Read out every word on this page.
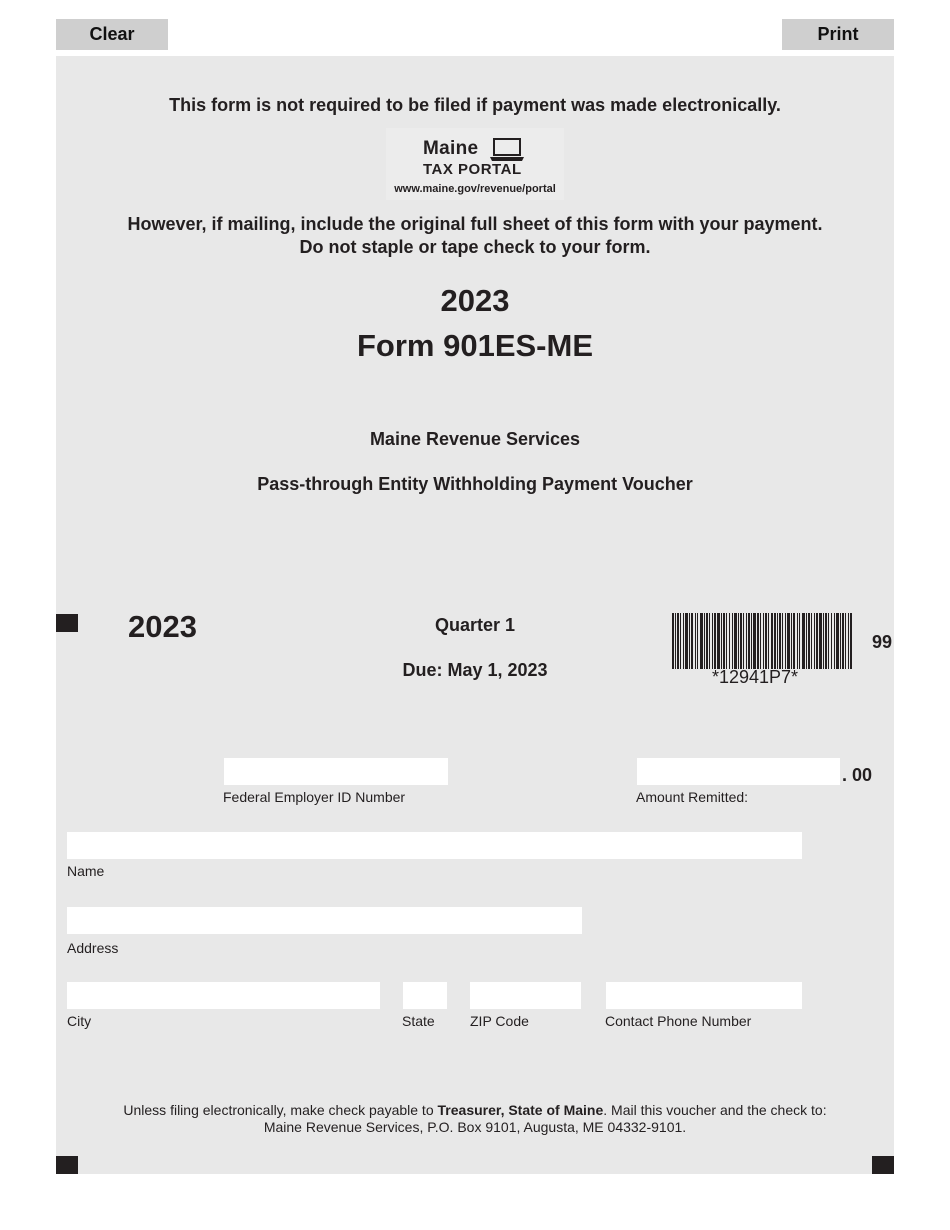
Clear	Print
This form is not required to be filed if payment was made electronically.
Maine
TAX PORTAL
www.maine.gov/revenue/portal
However, if mailing, include the original full sheet of this form with your payment.
Do not staple or tape check to your form.
2023
Form 901ES-ME
Maine Revenue Services
Pass-through Entity Withholding Payment Voucher
2023	Quarter 1
Due: May 1, 2023	*12941P7*
99
Federal Employer ID Number
. 00
Amount Remitted:
Name
Address
City	State	ZIP Code	Contact Phone Number
Unless filing electronically, make check payable to Treasurer, State of Maine. Mail this voucher and the check to:
Maine Revenue Services, P.O. Box 9101, Augusta, ME 04332-9101.
